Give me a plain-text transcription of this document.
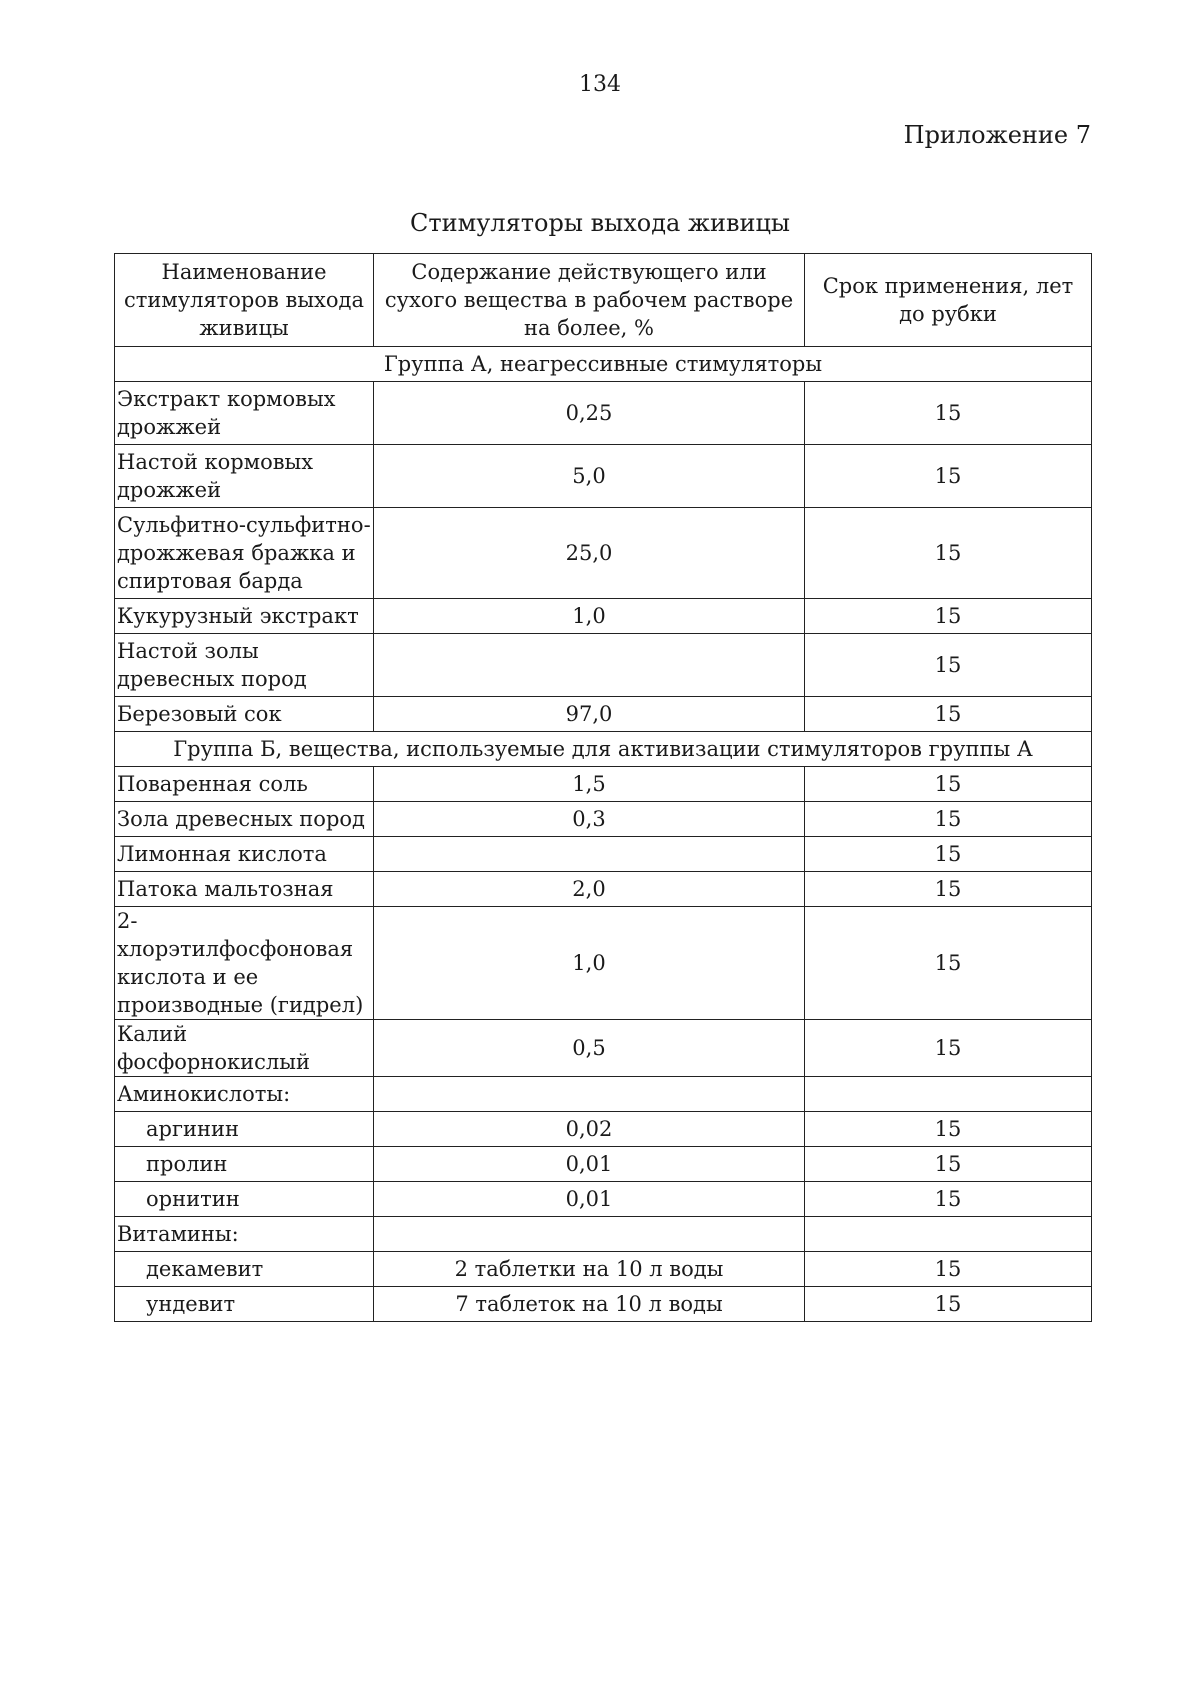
134
Приложение 7
Стимуляторы выхода живицы
Наименование стимуляторов выхода живицы	Содержание действующего или сухого вещества в рабочем растворе на более, %	Срок применения, лет до рубки
Группа А, неагрессивные стимуляторы		
Экстракт кормовых дрожжей	0,25	15
Настой кормовых дрожжей	5,0	15
Сульфитно-сульфитно-дрожжевая бражка и спиртовая барда	25,0	15
Кукурузный экстракт	1,0	15
Настой золы древесных пород		15
Березовый сок	97,0	15
Группа Б, вещества, используемые для активизации стимуляторов группы А		
Поваренная соль	1,5	15
Зола древесных пород	0,3	15
Лимонная кислота		15
Патока мальтозная	2,0	15
2-хлорэтилфосфоновая кислота и ее производные (гидрел)	1,0	15
Калий фосфорнокислый	0,5	15
Аминокислоты:		
аргинин	0,02	15
пролин	0,01	15
орнитин	0,01	15
Витамины:		
декамевит	2 таблетки на 10 л воды	15
ундевит	7 таблеток на 10 л воды	15
